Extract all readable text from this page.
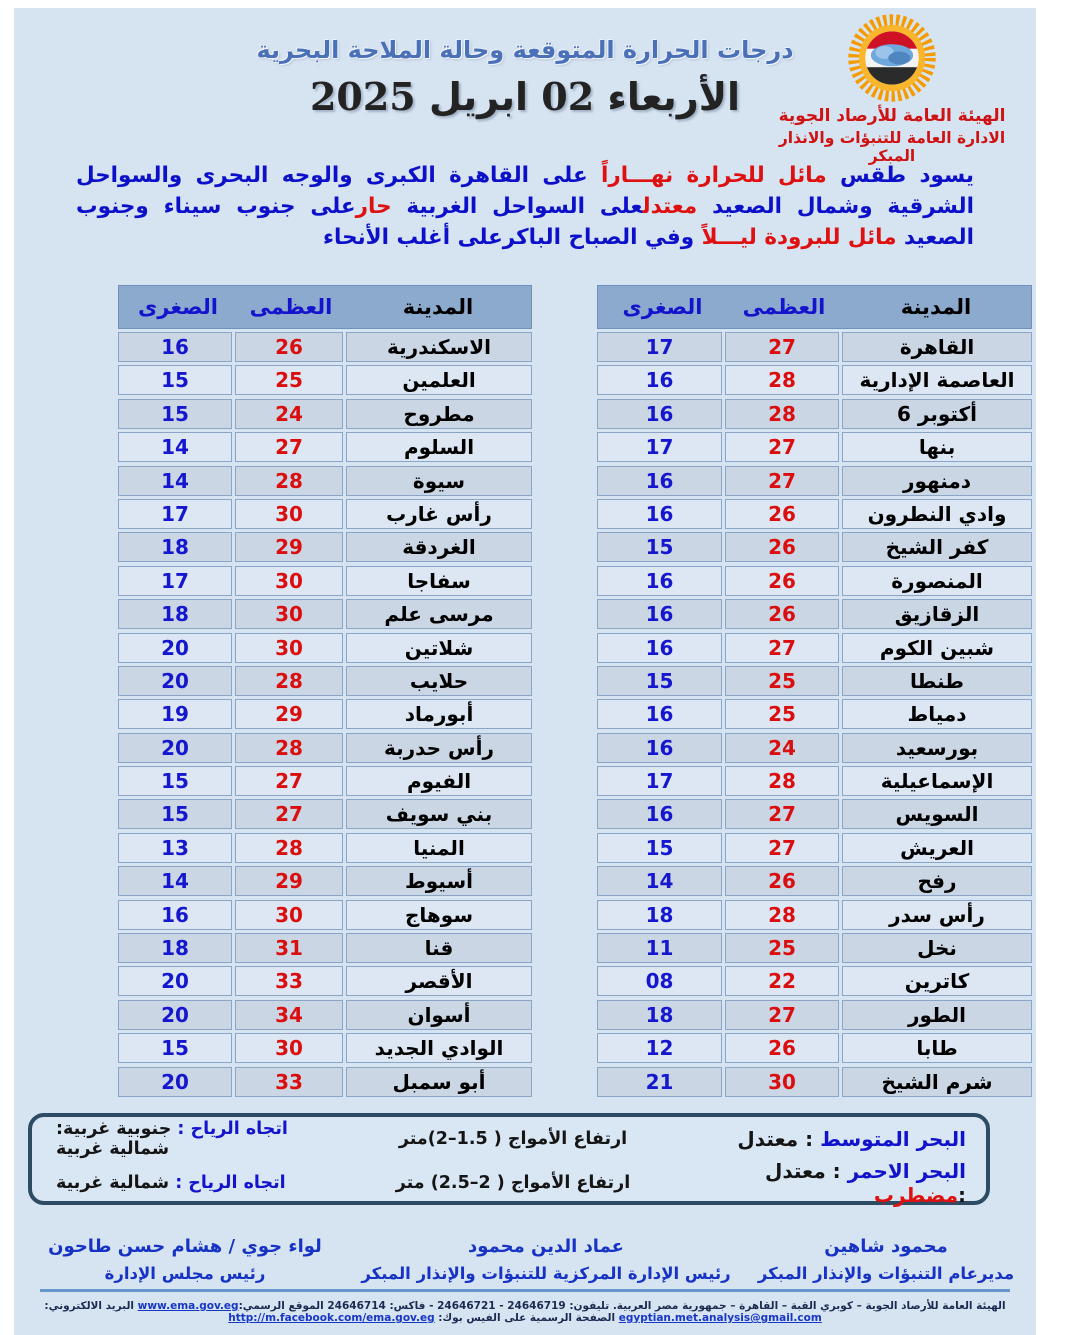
الهيئة العامة للأرصاد الجوية
الادارة العامة للتنبؤات والانذار المبكر
درجات الحرارة المتوقعة وحالة الملاحة البحرية
الأربعاء 02 ابريل 2025

يسود طقس مائل للحرارة نهـــاراً على القاهرة الكبرى والوجه البحرى والسواحل الشرقية وشمال الصعيد معتدلعلى السواحل الغربية حارعلى جنوب سيناء وجنوب الصعيد مائل للبرودة ليـــلاً وفي الصباح الباكرعلى أغلب الأنحاء

المدينة
العظمى
الصغرى
القاهرة
27
17
العاصمة الإدارية
28
16
6 أكتوبر
28
16
بنها
27
17
دمنهور
27
16
وادي النطرون
26
16
كفر الشيخ
26
15
المنصورة
26
16
الزقازيق
26
16
شبين الكوم
27
16
طنطا
25
15
دمياط
25
16
بورسعيد
24
16
الإسماعيلية
28
17
السويس
27
16
العريش
27
15
رفح
26
14
رأس سدر
28
18
نخل
25
11
كاترين
22
08
الطور
27
18
طابا
26
12
شرم الشيخ
30
21
المدينة
العظمى
الصغرى
الاسكندرية
26
16
العلمين
25
15
مطروح
24
15
السلوم
27
14
سيوة
28
14
رأس غارب
30
17
الغردقة
29
18
سفاجا
30
17
مرسى علم
30
18
شلاتين
30
20
حلايب
28
20
أبورماد
29
19
رأس حدربة
28
20
الفيوم
27
15
بني سويف
27
15
المنيا
28
13
أسيوط
29
14
سوهاج
30
16
قنا
31
18
الأقصر
33
20
أسوان
34
20
الوادي الجديد
30
15
أبو سمبل
33
20
البحر المتوسط : معتدل
ارتفاع الأمواج ( 1.5–2)متر
اتجاه الرياح : جنوبية غربية: شمالية غربية
البحر الاحمر : معتدل :مضطرب
ارتفاع الأمواج ( 2–2.5) متر
اتجاه الرياح : شمالية غربية
محمود شاهين
مديرعام التنبؤات والإنذار المبكر
عماد الدين محمود
رئيس الإدارة المركزية للتنبؤات والإنذار المبكر
لواء جوي / هشام حسن طاحون
رئيس مجلس الإدارة
الهيئة العامة للأرصاد الجوية – كوبري القبة – القاهرة – جمهورية مصر العربية. تليفون: 24646719 - 24646721 - فاكس: 24646714 الموقع الرسمي:www.ema.gov.eg البريد الالكتروني: egyptian.met.analysis@gmail.com الصفحة الرسمية على الفيس بوك: http://m.facebook.com/ema.gov.eg
